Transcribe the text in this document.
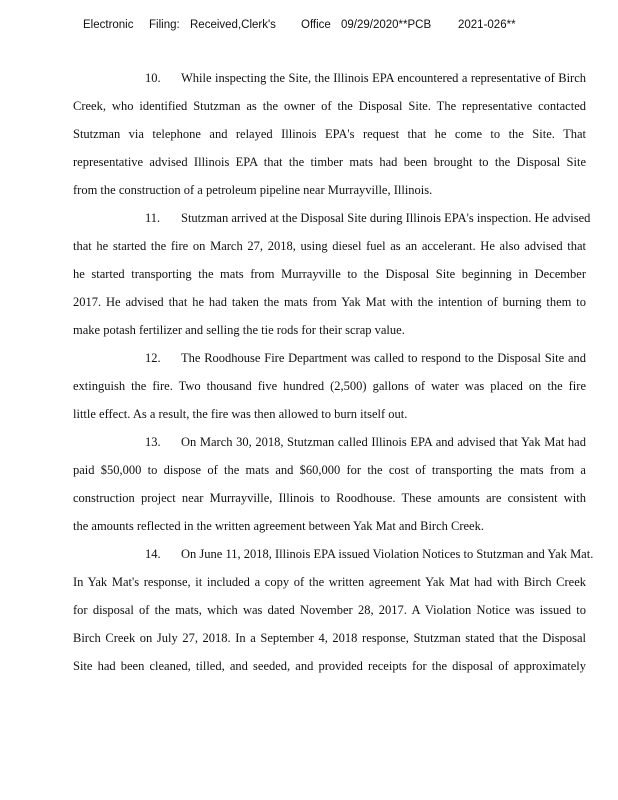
Electronic Filing: Received,Clerk's Office 09/29/2020**PCB 2021-026**
10. While inspecting the Site, the Illinois EPA encountered a representative of Birch
Creek, who identified Stutzman as the owner of the Disposal Site. The representative contacted
Stutzman via telephone and relayed Illinois EPA's request that he come to the Site. That
representative advised Illinois EPA that the timber mats had been brought to the Disposal Site
from the construction of a petroleum pipeline near Murrayville, Illinois.
11. Stutzman arrived at the Disposal Site during Illinois EPA's inspection. He advised
that he started the fire on March 27, 2018, using diesel fuel as an accelerant. He also advised that
he started transporting the mats from Murrayville to the Disposal Site beginning in December
2017. He advised that he had taken the mats from Yak Mat with the intention of burning them to
make potash fertilizer and selling the tie rods for their scrap value.
12. The Roodhouse Fire Department was called to respond to the Disposal Site and
extinguish the fire. Two thousand five hundred (2,500) gallons of water was placed on the fire
little effect. As a result, the fire was then allowed to burn itself out.
13. On March 30, 2018, Stutzman called Illinois EPA and advised that Yak Mat had
paid $50,000 to dispose of the mats and $60,000 for the cost of transporting the mats from a
construction project near Murrayville, Illinois to Roodhouse. These amounts are consistent with
the amounts reflected in the written agreement between Yak Mat and Birch Creek.
14. On June 11, 2018, Illinois EPA issued Violation Notices to Stutzman and Yak Mat.
In Yak Mat's response, it included a copy of the written agreement Yak Mat had with Birch Creek
for disposal of the mats, which was dated November 28, 2017. A Violation Notice was issued to
Birch Creek on July 27, 2018. In a September 4, 2018 response, Stutzman stated that the Disposal
Site had been cleaned, tilled, and seeded, and provided receipts for the disposal of approximately
